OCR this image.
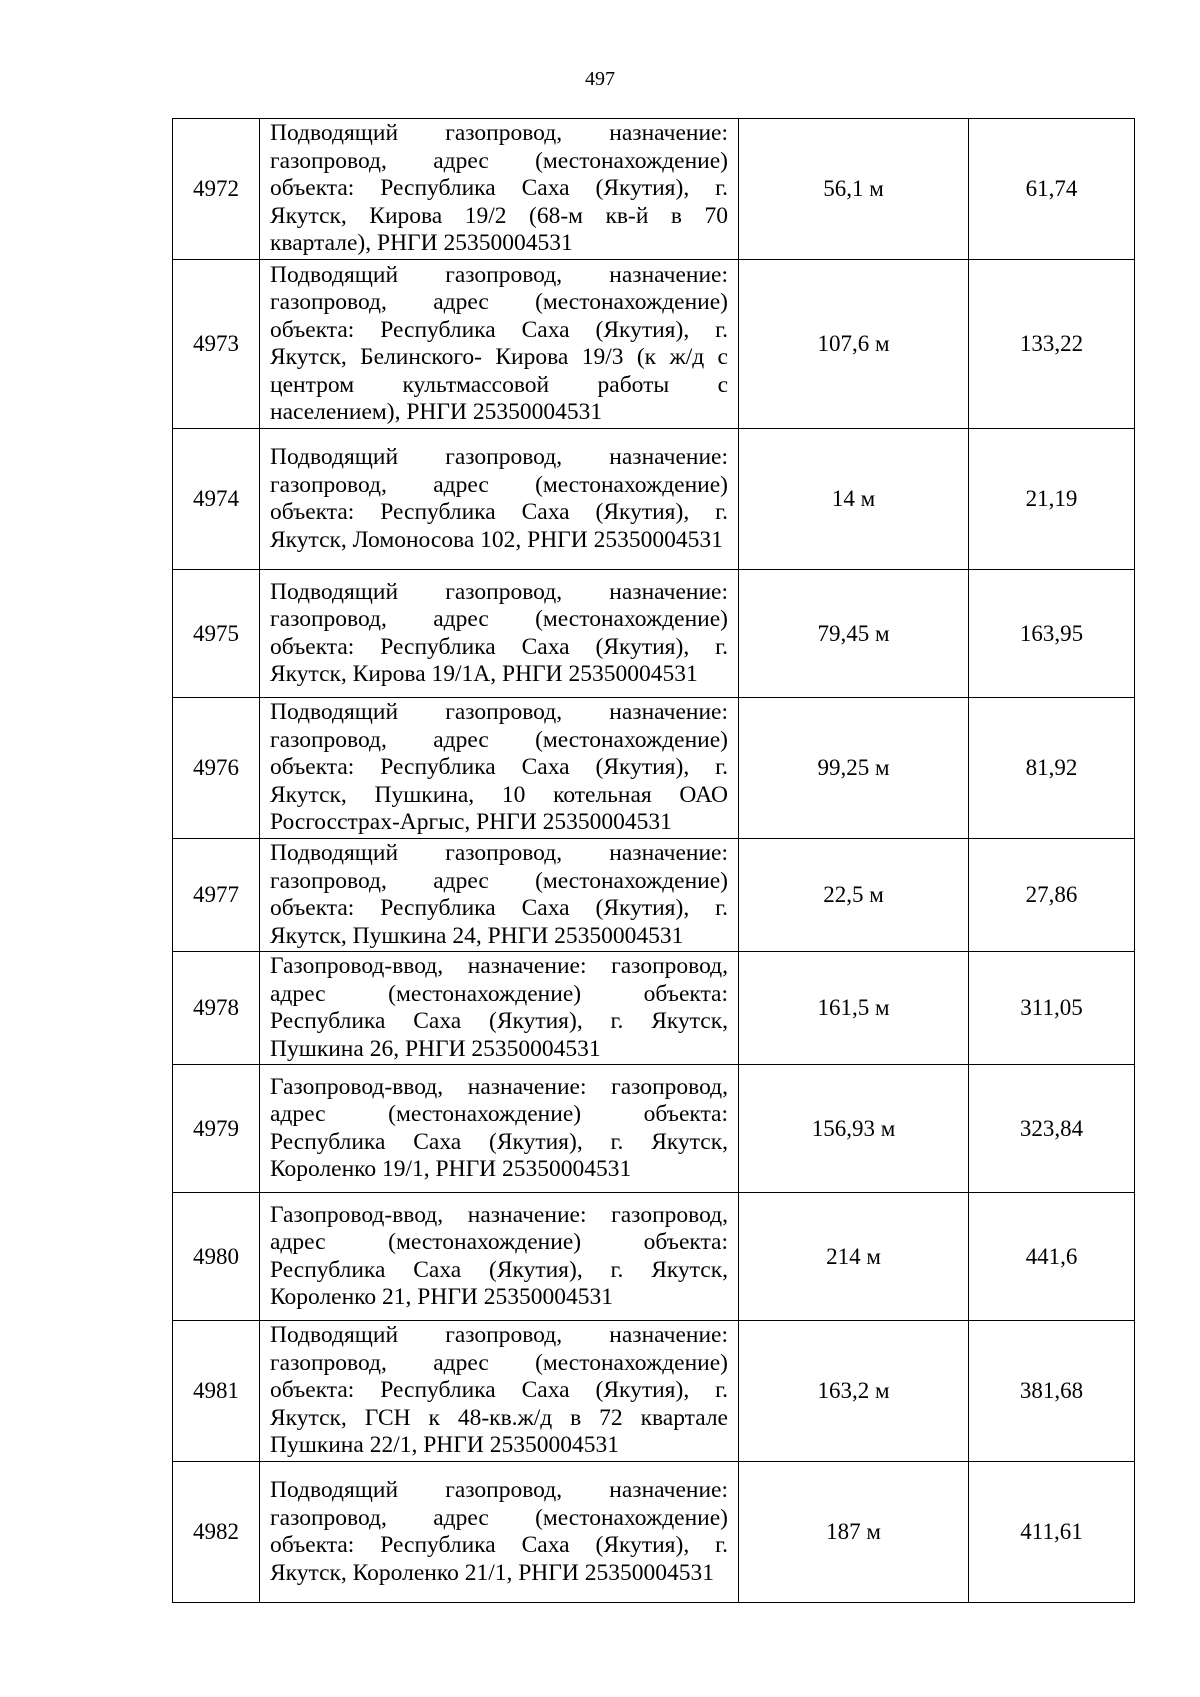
497
4972	Подводящий газопровод, назначение: газопровод, адрес (местонахождение) объекта: Республика Саха (Якутия), г. Якутск, Кирова 19/2 (68-м кв-й в 70 квартале), РНГИ 25350004531	56,1 м	61,74
4973	Подводящий газопровод, назначение: газопровод, адрес (местонахождение) объекта: Республика Саха (Якутия), г. Якутск, Белинского- Кирова 19/3 (к ж/д с центром культмассовой работы с населением), РНГИ 25350004531	107,6 м	133,22
4974	Подводящий газопровод, назначение: газопровод, адрес (местонахождение) объекта: Республика Саха (Якутия), г. Якутск, Ломоносова 102, РНГИ 25350004531	14 м	21,19
4975	Подводящий газопровод, назначение: газопровод, адрес (местонахождение) объекта: Республика Саха (Якутия), г. Якутск, Кирова 19/1А, РНГИ 25350004531	79,45 м	163,95
4976	Подводящий газопровод, назначение: газопровод, адрес (местонахождение) объекта: Республика Саха (Якутия), г. Якутск, Пушкина, 10 котельная ОАО Росгосстрах-Аргыс, РНГИ 25350004531	99,25 м	81,92
4977	Подводящий газопровод, назначение: газопровод, адрес (местонахождение) объекта: Республика Саха (Якутия), г. Якутск, Пушкина 24, РНГИ 25350004531	22,5 м	27,86
4978	Газопровод-ввод, назначение: газопровод, адрес (местонахождение) объекта: Республика Саха (Якутия), г. Якутск, Пушкина 26, РНГИ 25350004531	161,5 м	311,05
4979	Газопровод-ввод, назначение: газопровод, адрес (местонахождение) объекта: Республика Саха (Якутия), г. Якутск, Короленко 19/1, РНГИ 25350004531	156,93 м	323,84
4980	Газопровод-ввод, назначение: газопровод, адрес (местонахождение) объекта: Республика Саха (Якутия), г. Якутск, Короленко 21, РНГИ 25350004531	214 м	441,6
4981	Подводящий газопровод, назначение: газопровод, адрес (местонахождение) объекта: Республика Саха (Якутия), г. Якутск, ГСН к 48-кв.ж/д в 72 квартале Пушкина 22/1, РНГИ 25350004531	163,2 м	381,68
4982	Подводящий газопровод, назначение: газопровод, адрес (местонахождение) объекта: Республика Саха (Якутия), г. Якутск, Короленко 21/1, РНГИ 25350004531	187 м	411,61
